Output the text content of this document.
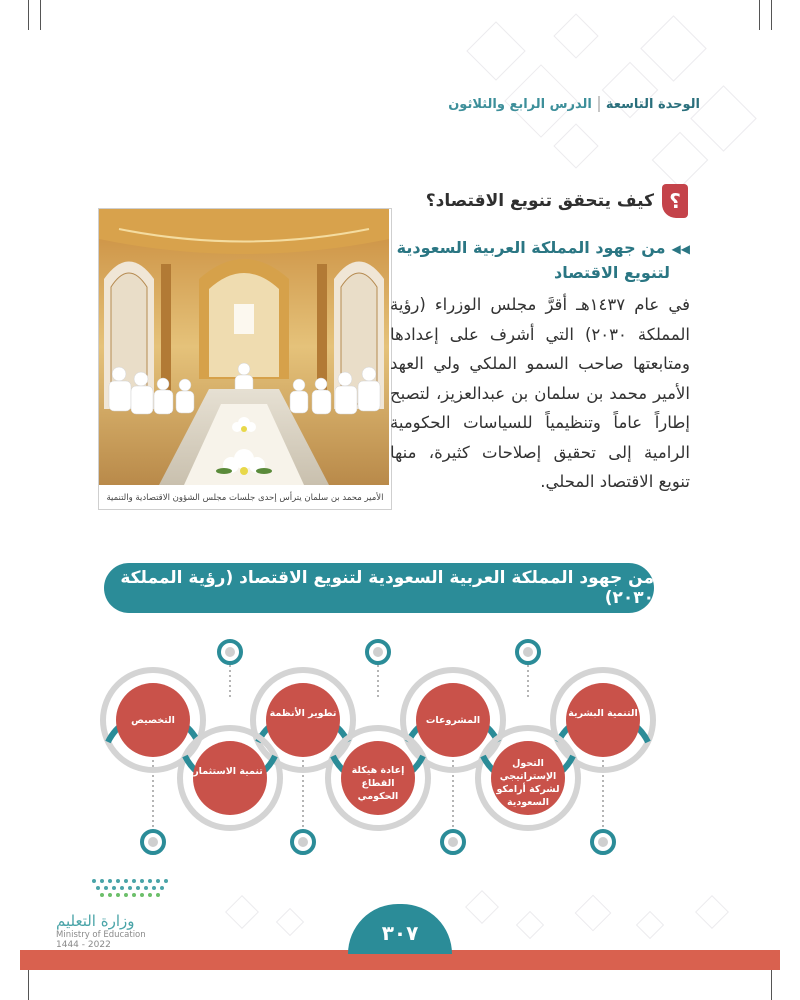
الوحدة التاسعة
الدرس الرابع والثلاثون
؟
كيف يتحقق تنويع الاقتصاد؟
الأمير محمد بن سلمان يترأس إحدى جلسات مجلس الشؤون الاقتصادية والتنمية
◀◀من جهود المملكة العربية السعودية
لتنويع الاقتصاد

في عام ١٤٣٧هـ أقرَّ مجلس الوزراء (رؤية المملكة ٢٠٣٠) التي أشرف على إعدادها ومتابعتها صاحب السمو الملكي ولي العهد الأمير محمد بن سلمان بن عبدالعزيز، لتصبح إطاراً عاماً وتنظيمياً للسياسات الحكومية الرامية إلى تحقيق إصلاحات كثيرة، منها تنويع الاقتصاد المحلي.

من جهود المملكة العربية السعودية لتنويع الاقتصاد (رؤية المملكة ٢٠٣٠)
التنمية البشرية
التحول الإستراتيجي لشركة أرامكو السعودية
المشروعات
إعادة هيكلة القطاع الحكومي
تطوير الأنظمة
تنمية الاستثمار
التخصيص
وزارة التعليم
Ministry of Education
2022 - 1444	٣٠٧
